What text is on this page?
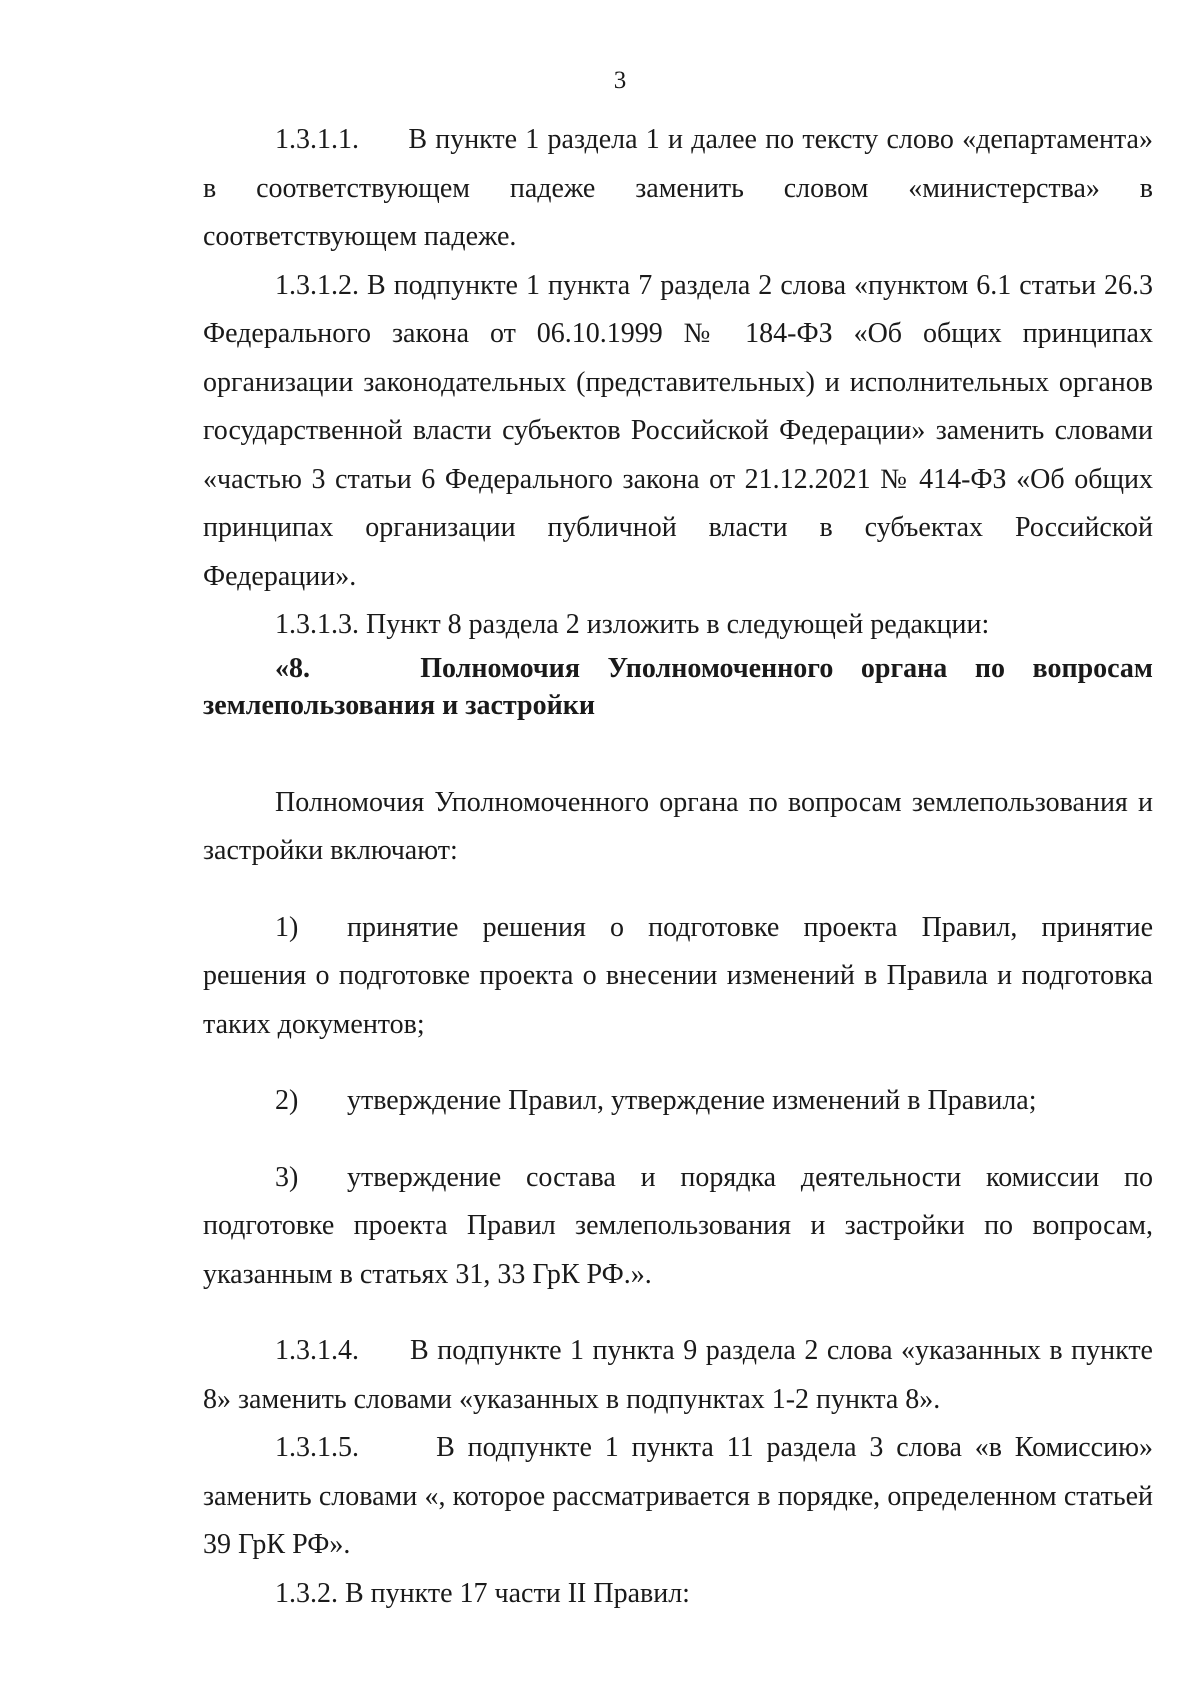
3

1.3.1.1.      В пункте 1 раздела 1 и далее по тексту слово «департамента» в соответствующем падеже заменить словом «министерства» в соответствующем падеже.

1.3.1.2. В подпункте 1 пункта 7 раздела 2 слова «пунктом 6.1 статьи 26.3 Федерального закона от 06.10.1999 № 184-ФЗ «Об общих принципах организации законодательных (представительных) и исполнительных органов государственной власти субъектов Российской Федерации» заменить словами «частью 3 статьи 6 Федерального закона от 21.12.2021 № 414-ФЗ «Об общих принципах организации публичной власти в субъектах Российской Федерации».

1.3.1.3. Пункт 8 раздела 2 изложить в следующей редакции:

«8.    Полномочия Уполномоченного органа по вопросам землепользования и застройки

Полномочия Уполномоченного органа по вопросам землепользования и застройки включают:

1) принятие решения о подготовке проекта Правил, принятие решения о подготовке проекта о внесении изменений в Правила и подготовка таких документов;

2) утверждение Правил, утверждение изменений в Правила;

3) утверждение состава и порядка деятельности комиссии по подготовке проекта Правил землепользования и застройки по вопросам, указанным в статьях 31, 33 ГрК РФ.».

1.3.1.4.      В подпункте 1 пункта 9 раздела 2 слова «указанных в пункте 8» заменить словами «указанных в подпунктах 1-2 пункта 8».

1.3.1.5.      В подпункте 1 пункта 11 раздела 3 слова «в Комиссию» заменить словами «, которое рассматривается в порядке, определенном статьей 39 ГрК РФ».

1.3.2. В пункте 17 части II Правил:
